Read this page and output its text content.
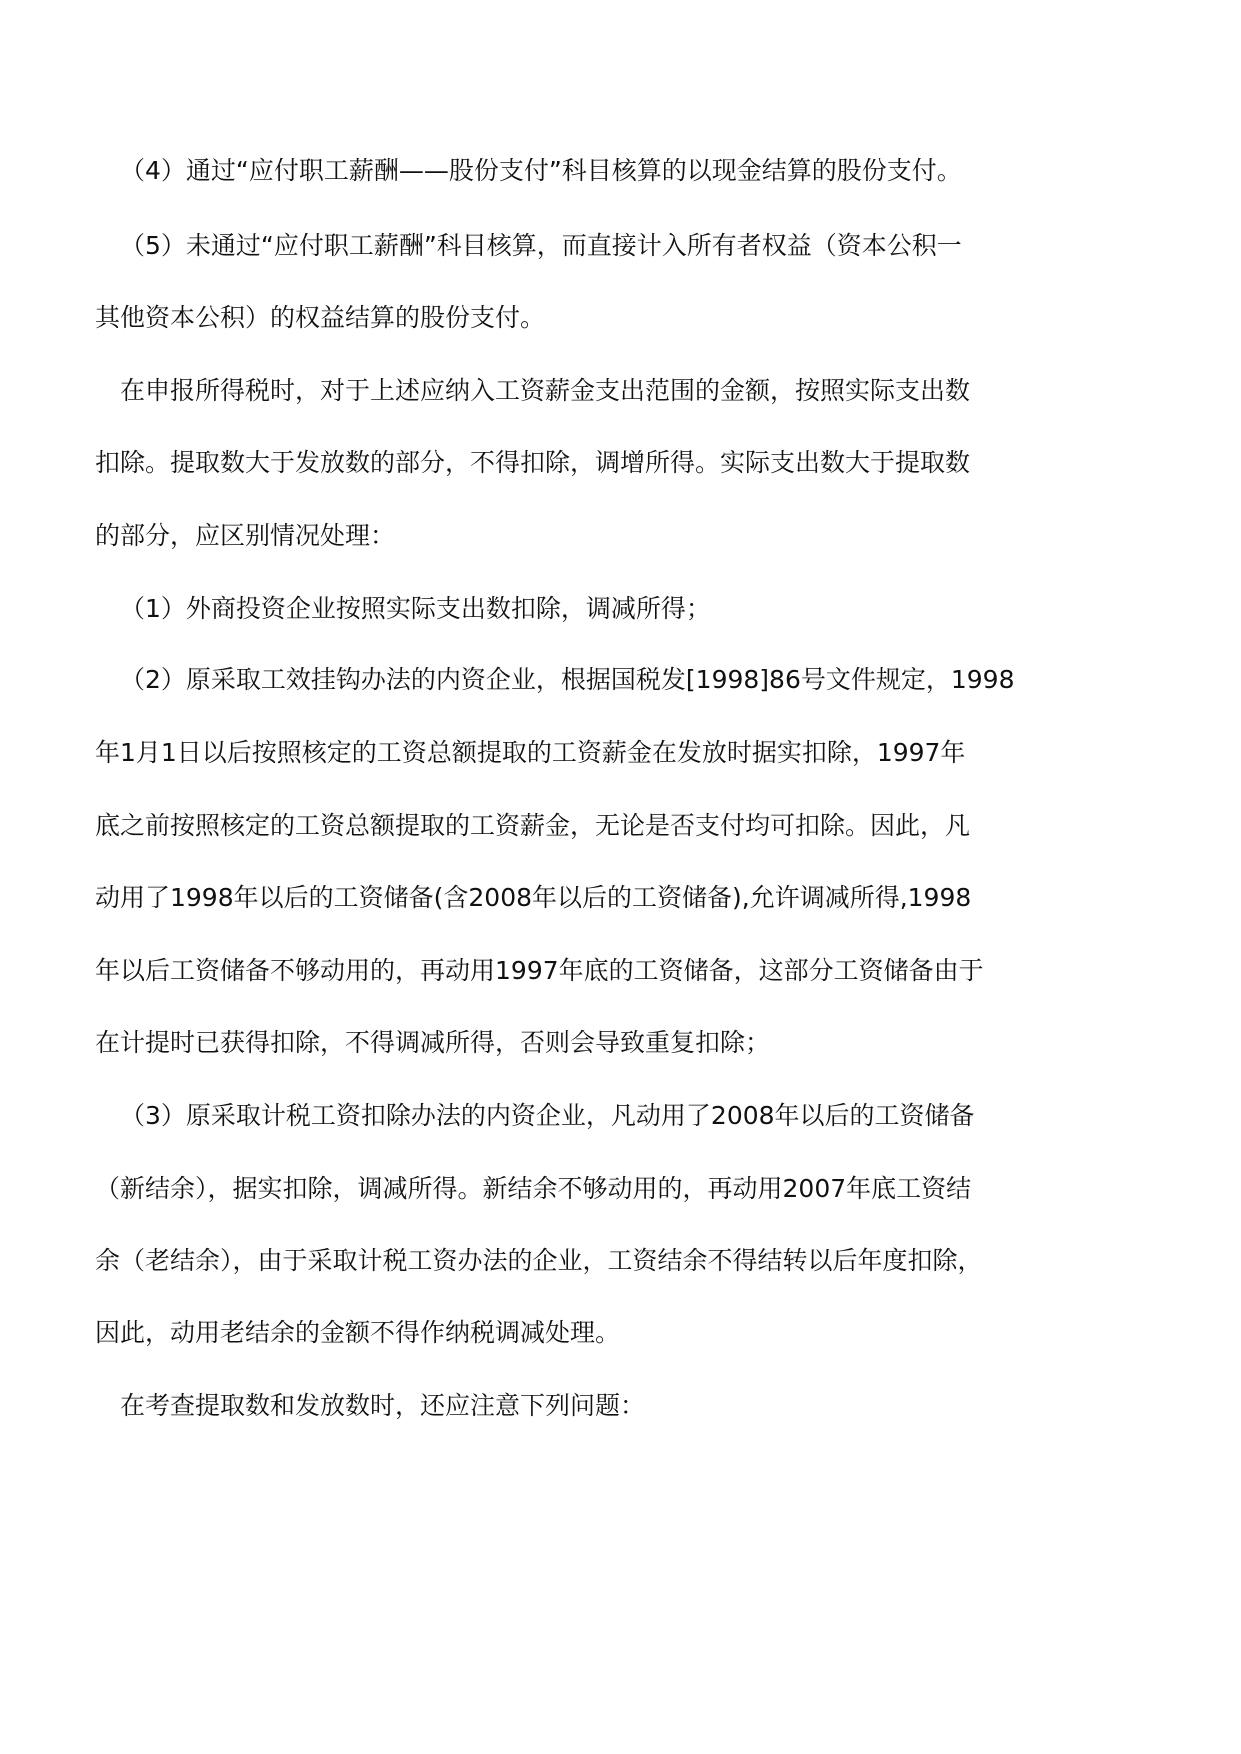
（4）通过“应付职工薪酬——股份支付”科目核算的以现金结算的股份支付。
（5）未通过“应付职工薪酬”科目核算，而直接计入所有者权益（资本公积一
其他资本公积）的权益结算的股份支付。
在申报所得税时，对于上述应纳入工资薪金支出范围的金额，按照实际支出数
扣除。提取数大于发放数的部分，不得扣除，调增所得。实际支出数大于提取数
的部分，应区别情况处理：
（1）外商投资企业按照实际支出数扣除，调减所得；
（2）原采取工效挂钩办法的内资企业，根据国税发[1998]86号文件规定，1998
年1月1日以后按照核定的工资总额提取的工资薪金在发放时据实扣除，1997年
底之前按照核定的工资总额提取的工资薪金，无论是否支付均可扣除。因此，凡
动用了1998年以后的工资储备(含2008年以后的工资储备),允许调减所得,1998
年以后工资储备不够动用的，再动用1997年底的工资储备，这部分工资储备由于
在计提时已获得扣除，不得调减所得，否则会导致重复扣除；
（3）原采取计税工资扣除办法的内资企业，凡动用了2008年以后的工资储备
（新结余），据实扣除，调减所得。新结余不够动用的，再动用2007年底工资结
余（老结余），由于采取计税工资办法的企业，工资结余不得结转以后年度扣除，
因此，动用老结余的金额不得作纳税调减处理。
在考查提取数和发放数时，还应注意下列问题：
